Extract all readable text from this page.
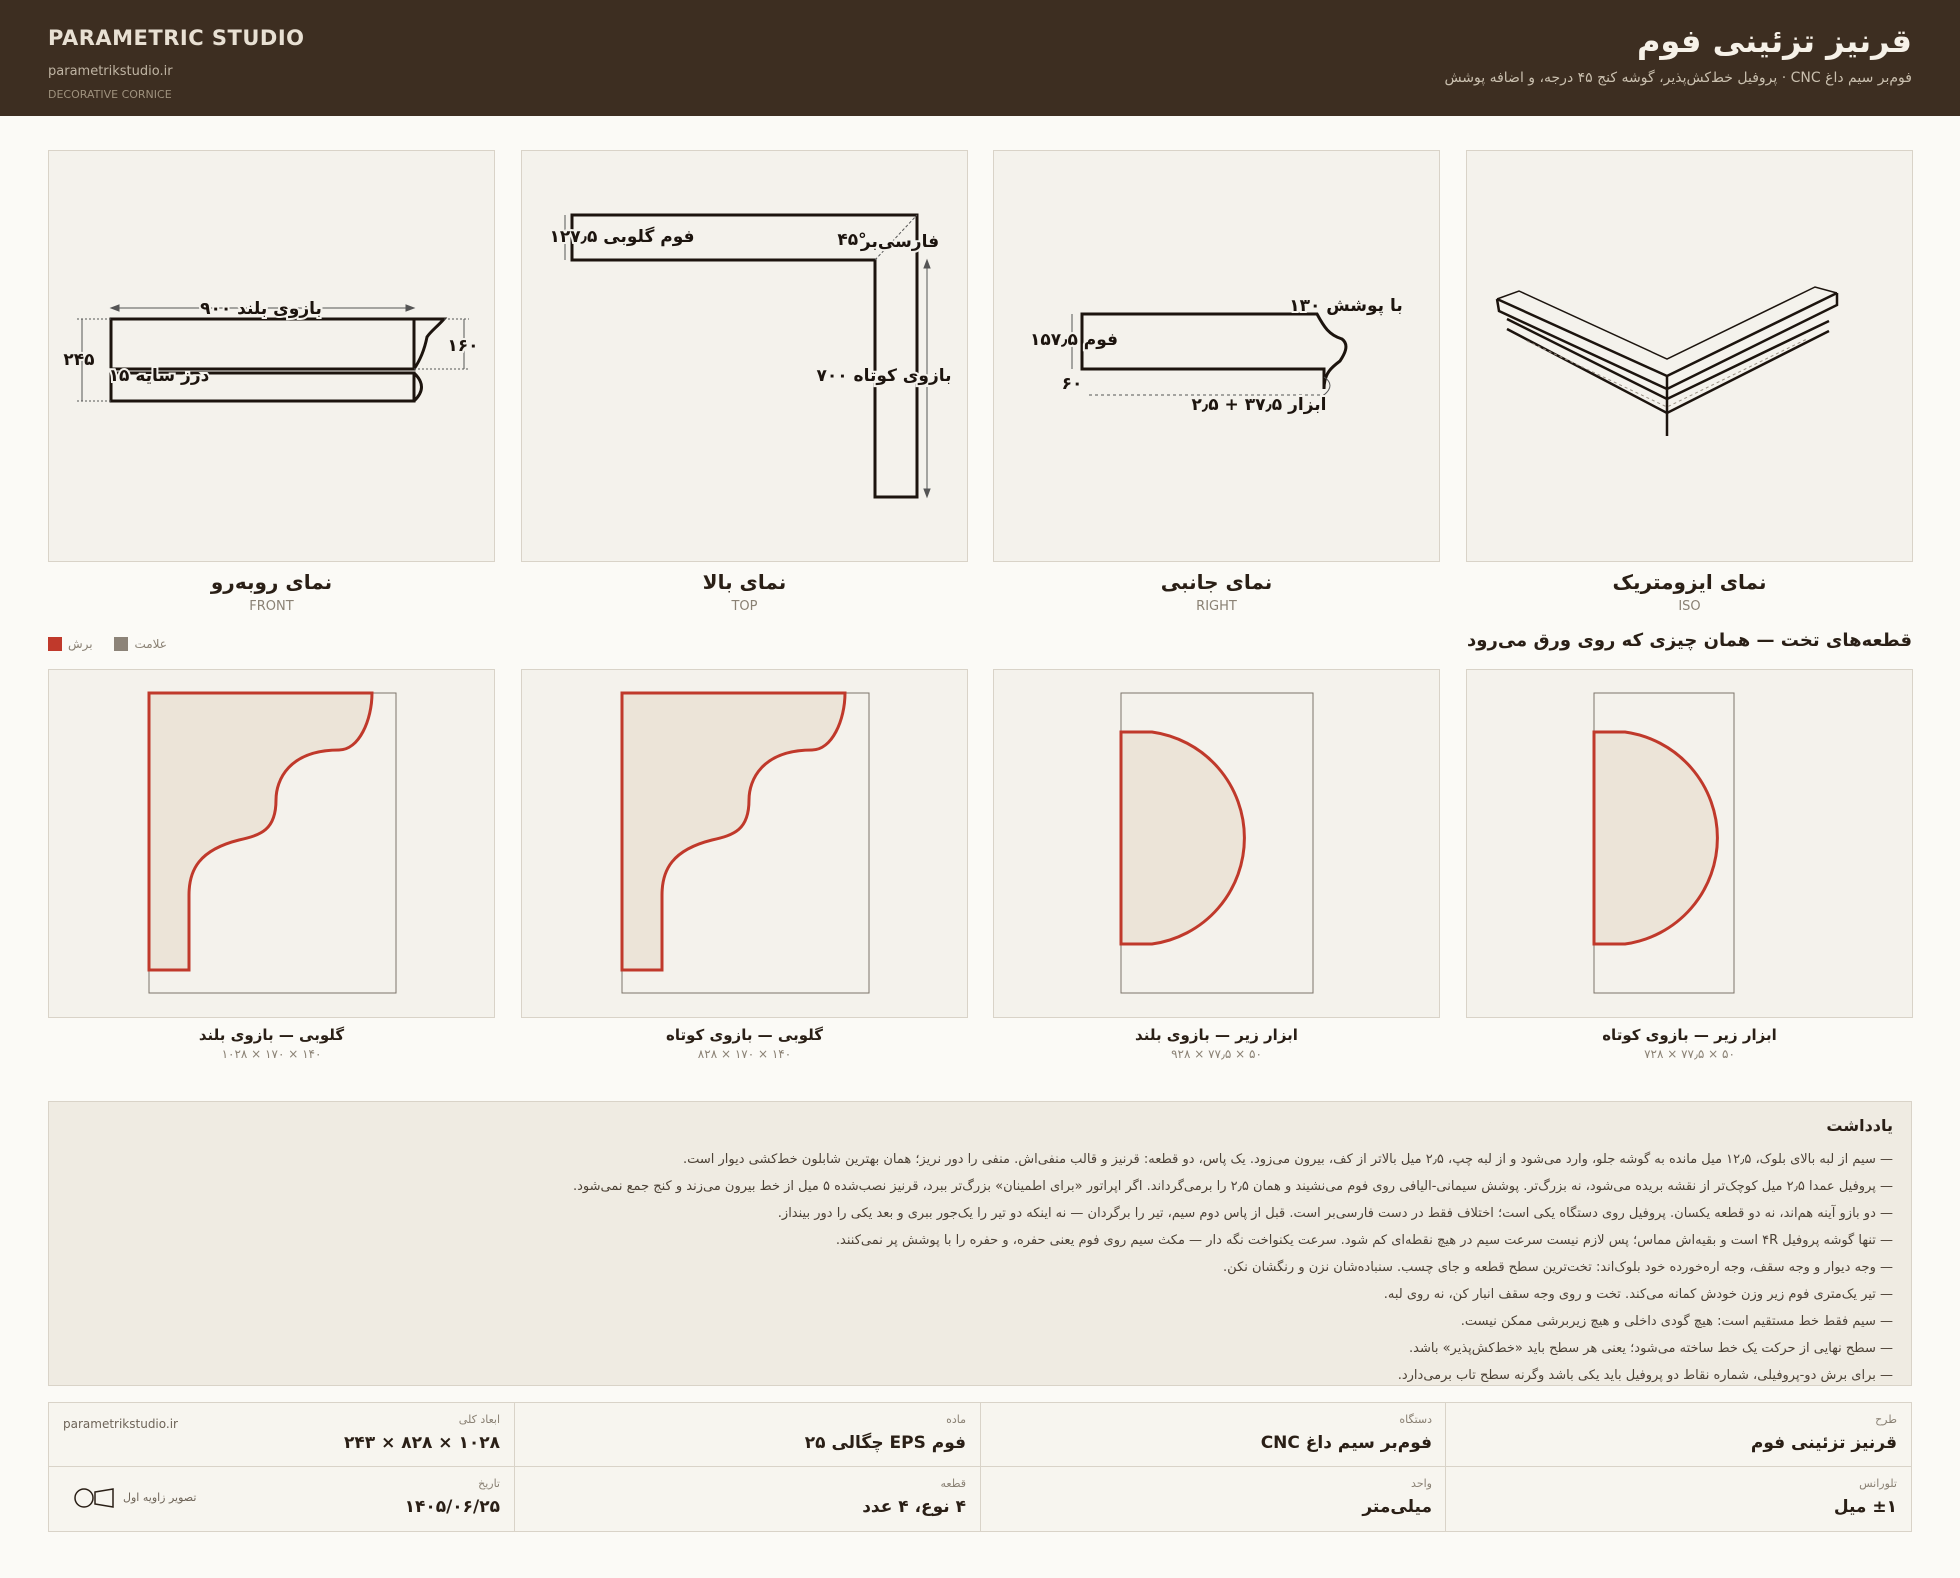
PARAMETRIC STUDIO
parametrikstudio.ir
DECORATIVE CORNICE
قرنیز تزئینی فوم
فوم‌بر سیم داغ CNC · پروفیل خط‌کش‌پذیر، گوشه کنج ۴۵ درجه، و اضافه پوشش
بازوی بلند ۹۰۰
۲۴۵
۱۶۰
درز سایه ۱۵
فوم گلوبی ۱۲۷٫۵	۴۵°
فارسی‌بر
بازوی کوتاه ۷۰۰
با پوشش ۱۳۰
فوم ۱۵۷٫۵
۶۰
ابزار ۳۷٫۵ + ۲٫۵
نمای رو‌به‌رو
FRONT
نمای بالا
TOP
نمای جانبی
RIGHT
نمای ایزومتریک
ISO
قطعه‌های تخت — همان چیزی که روی ورق می‌رود
برش	علامت
گلوبی — بازوی بلند
۱۴۰ × ۱۷۰ × ۱۰۲۸
گلوبی — بازوی کوتاه
۱۴۰ × ۱۷۰ × ۸۲۸
ابزار زیر — بازوی بلند
۵۰ × ۷۷٫۵ × ۹۲۸
ابزار زیر — بازوی کوتاه
۵۰ × ۷۷٫۵ × ۷۲۸
یادداشت
— سیم از لبه بالای بلوک، ۱۲٫۵ میل مانده به گوشه جلو، وارد می‌شود و از لبه چپ، ۲٫۵ میل بالاتر از کف، بیرون می‌زود. یک پاس، دو قطعه: قرنیز و قالب منفی‌اش. منفی را دور نریز؛ همان بهترین شابلون خط‌کشی دیوار است.
— پروفیل عمدا ۲٫۵ میل کوچک‌تر از نقشه بریده می‌شود، نه بزرگ‌تر. پوشش سیمانی-الیافی روی فوم می‌نشیند و همان ۲٫۵ را برمی‌گرداند. اگر اپراتور «برای اطمینان» بزرگ‌تر ببرد، قرنیز نصب‌شده ۵ میل از خط بیرون می‌زند و کنج جمع نمی‌شود.
— دو بازو آینه هم‌اند، نه دو قطعه یکسان. پروفیل روی دستگاه یکی است؛ اختلاف فقط در دست فارسی‌بر است. قبل از پاس دوم سیم، تیر را برگردان — نه اینکه دو تیر را یک‌جور ببری و بعد یکی را دور بینداز.
— تنها گوشه پروفیل ۴R است و بقیه‌اش مماس؛ پس لازم نیست سرعت سیم در هیچ نقطه‌ای کم شود. سرعت یکنواخت نگه دار — مکث سیم روی فوم یعنی حفره، و حفره را با پوشش پر نمی‌کنند.
— وجه دیوار و وجه سقف، وجه اره‌خورده خود بلوک‌اند: تخت‌ترین سطح قطعه و جای چسب. سنباده‌شان نزن و رنگشان نکن.
— تیر یک‌متری فوم زیر وزن خودش کمانه می‌کند. تخت و روی وجه سقف انبار کن، نه روی لبه.
— سیم فقط خط مستقیم است: هیچ گودی داخلی و هیچ زیربرشی ممکن نیست.
— سطح نهایی از حرکت یک خط ساخته می‌شود؛ یعنی هر سطح باید «خط‌کش‌پذیر» باشد.
— برای برش دو-پروفیلی، شماره نقاط دو پروفیل باید یکی باشد وگرنه سطح تاب برمی‌دارد.
طرح
قرنیز تزئینی فوم
دستگاه
فوم‌بر سیم داغ CNC
ماده
فوم EPS چگالی ۲۵
ابعاد کلی
۱۰۲۸ × ۸۲۸ × ۲۴۳
parametrikstudio.ir
تلورانس
±۱ میل
واحد
میلی‌متر
قطعه
۴ نوع، ۴ عدد
تاریخ
۱۴۰۵/۰۶/۲۵
تصویر زاویه اول
